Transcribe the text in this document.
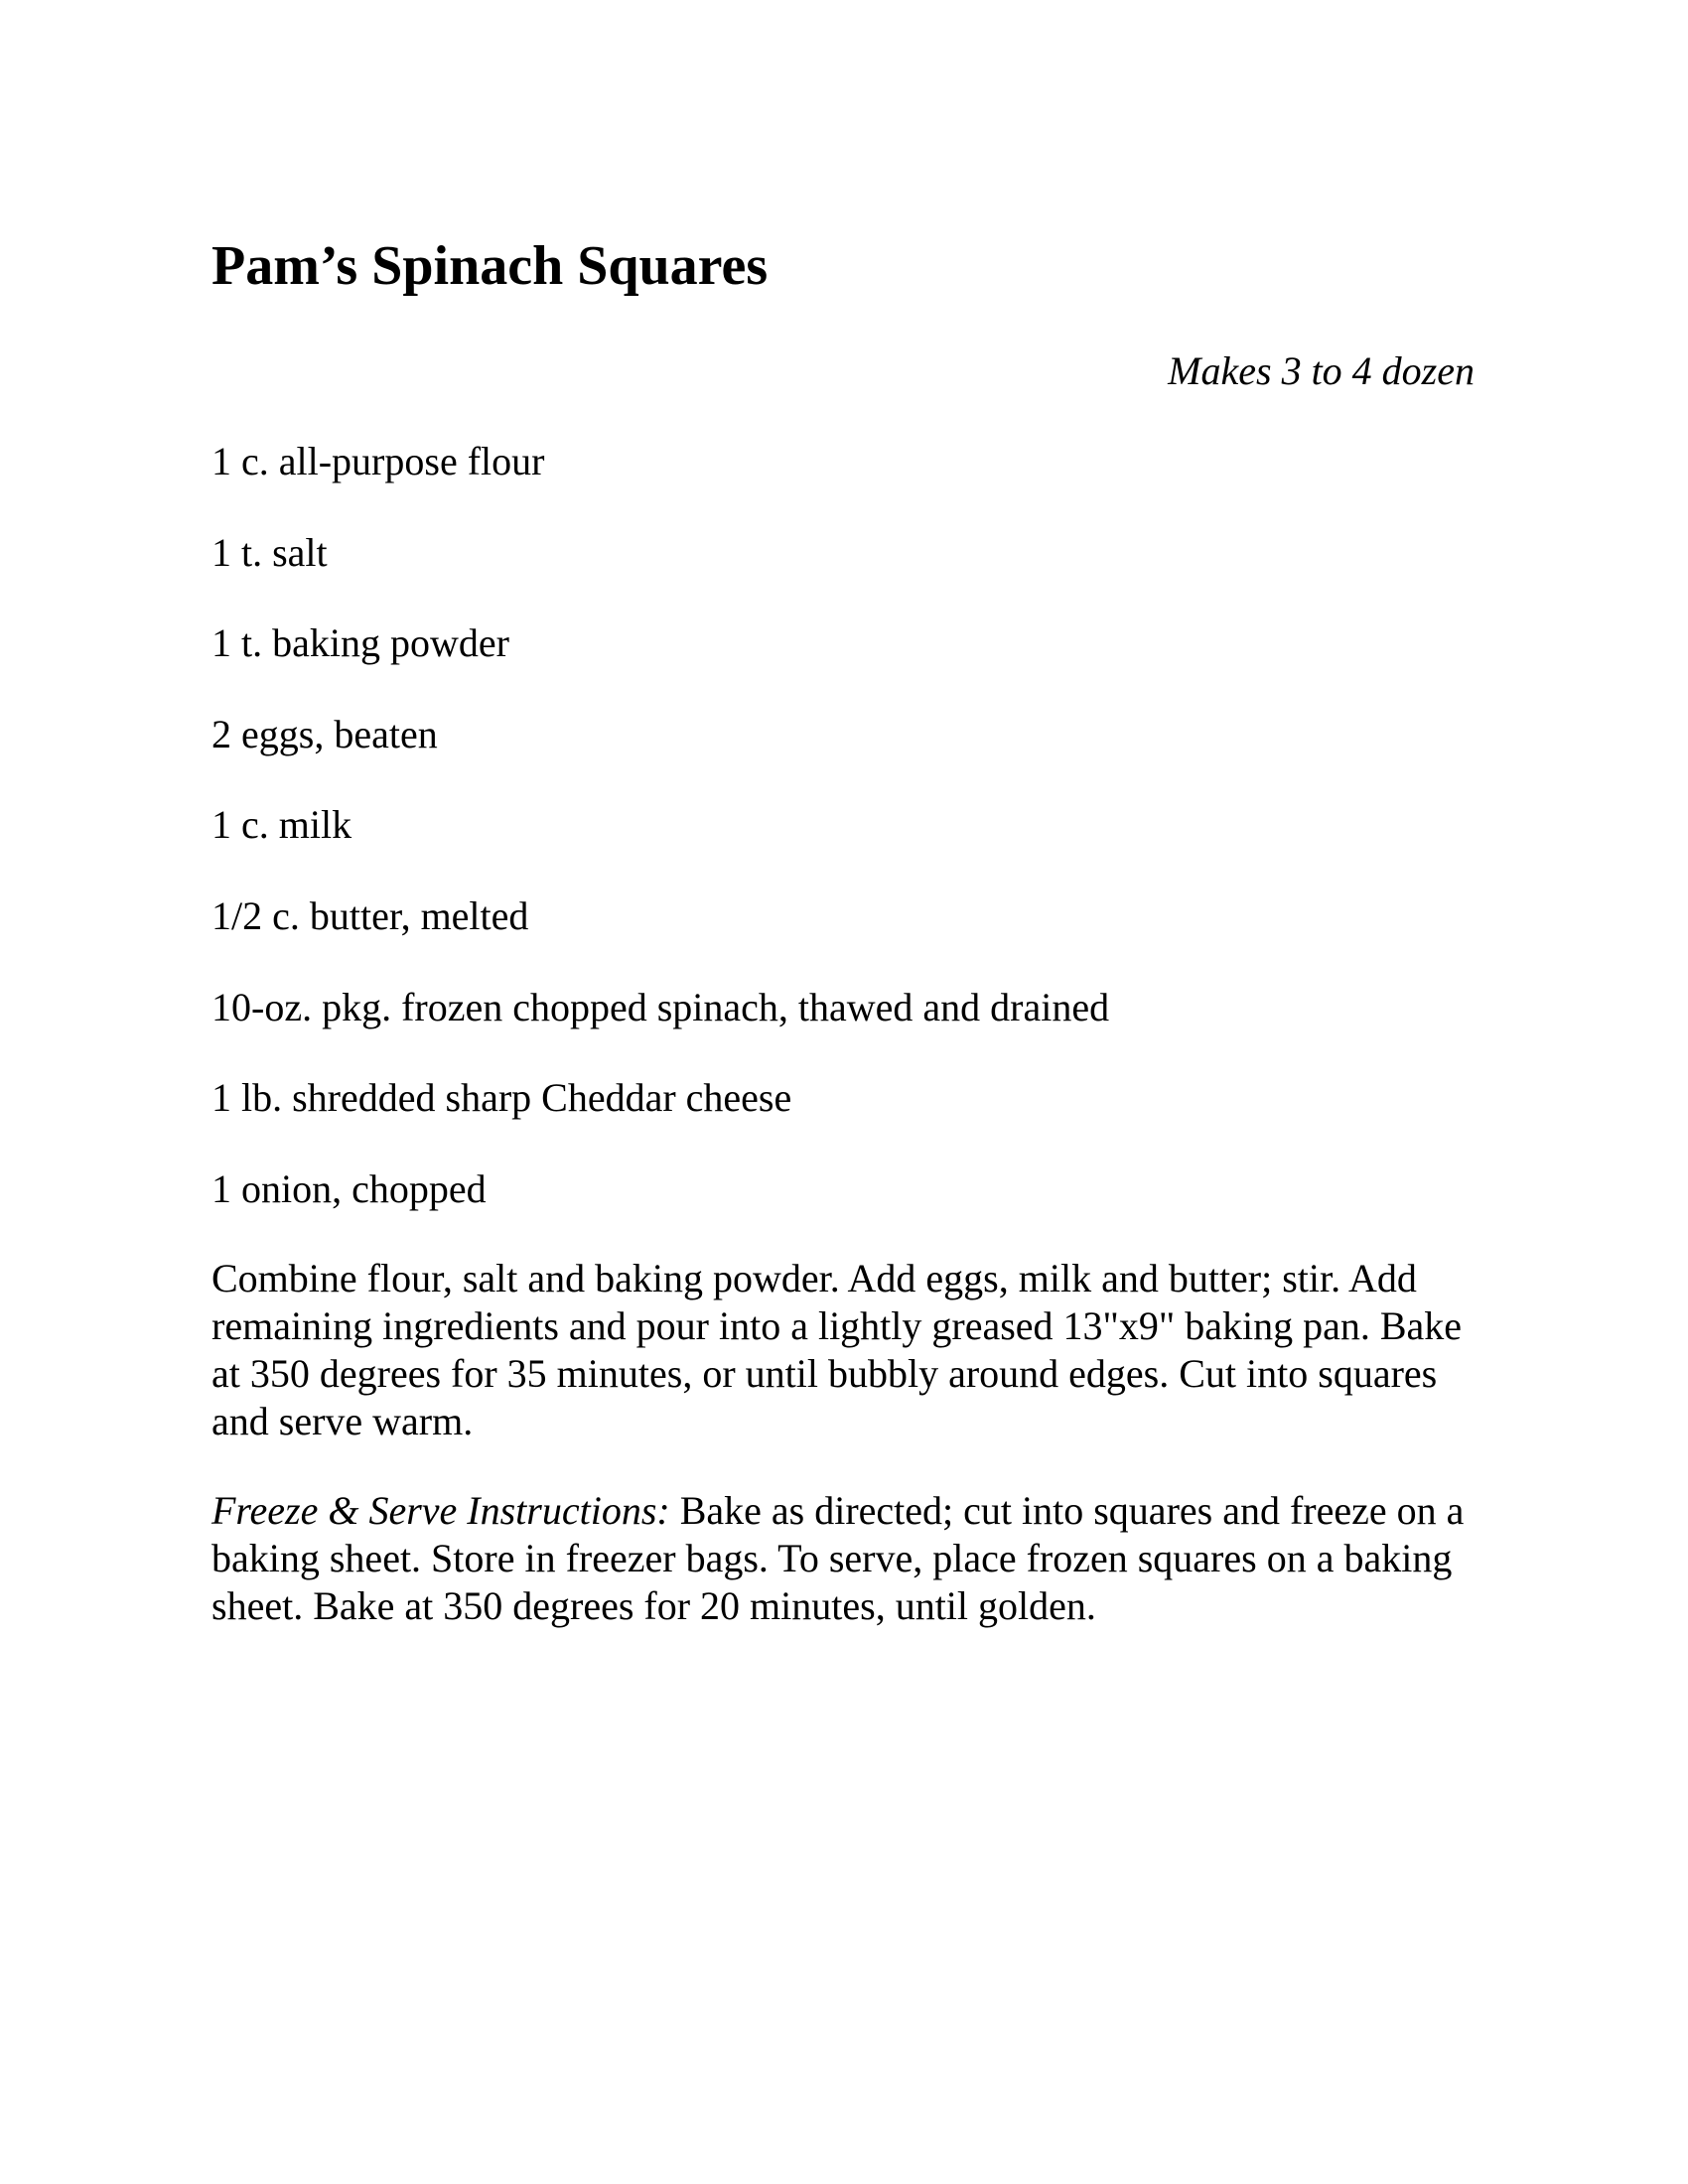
Pam’s Spinach Squares

Makes 3 to 4 dozen

1 c. all-purpose flour
1 t. salt
1 t. baking powder
2 eggs, beaten
1 c. milk
1/2 c. butter, melted
10-oz. pkg. frozen chopped spinach, thawed and drained
1 lb. shredded sharp Cheddar cheese
1 onion, chopped

Combine flour, salt and baking powder. Add eggs, milk and butter; stir. Add remaining ingredients and pour into a lightly greased 13"x9" baking pan. Bake at 350 degrees for 35 minutes, or until bubbly around edges. Cut into squares and serve warm.

Freeze & Serve Instructions: Bake as directed; cut into squares and freeze on a baking sheet. Store in freezer bags. To serve, place frozen squares on a baking sheet. Bake at 350 degrees for 20 minutes, until golden.
